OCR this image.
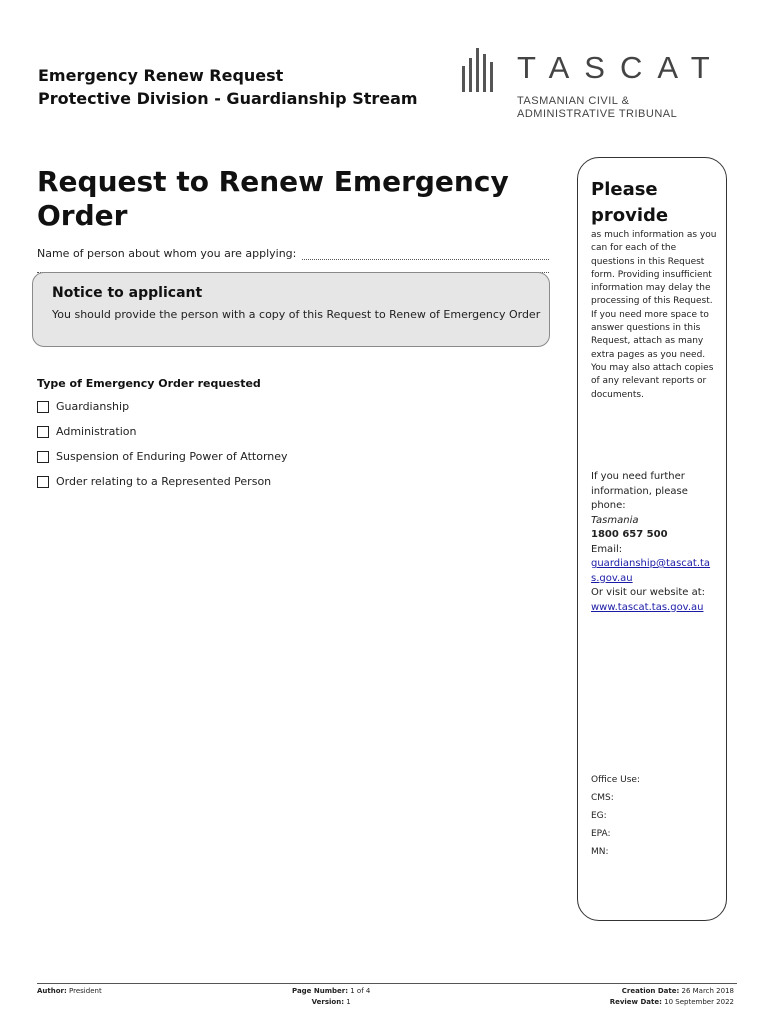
Emergency Renew Request
Protective Division - Guardianship Stream
TASCAT
TASMANIAN CIVIL &
ADMINISTRATIVE TRIBUNAL
Request to Renew Emergency Order
Name of person about whom you are applying:
Notice to applicant
You should provide the person with a copy of this Request to Renew of Emergency Order
Type of Emergency Order requested
Guardianship
Administration
Suspension of Enduring Power of Attorney
Order relating to a Represented Person
Please provide
as much information as you can for each of the questions in this Request form. Providing insufficient information may delay the processing of this Request. If you need more space to answer questions in this Request, attach as many extra pages as you need. You may also attach copies of any relevant reports or documents.
If you need further information, please phone:
Tasmania
1800 657 500
Email:
guardianship@tascat.tas.gov.au
Or visit our website at:
www.tascat.tas.gov.au
Office Use:
CMS:
EG:
EPA:
MN:
Author: President	Page Number: 1 of 4
Version: 1
Creation Date: 26 March 2018
Review Date: 10 September 2022
